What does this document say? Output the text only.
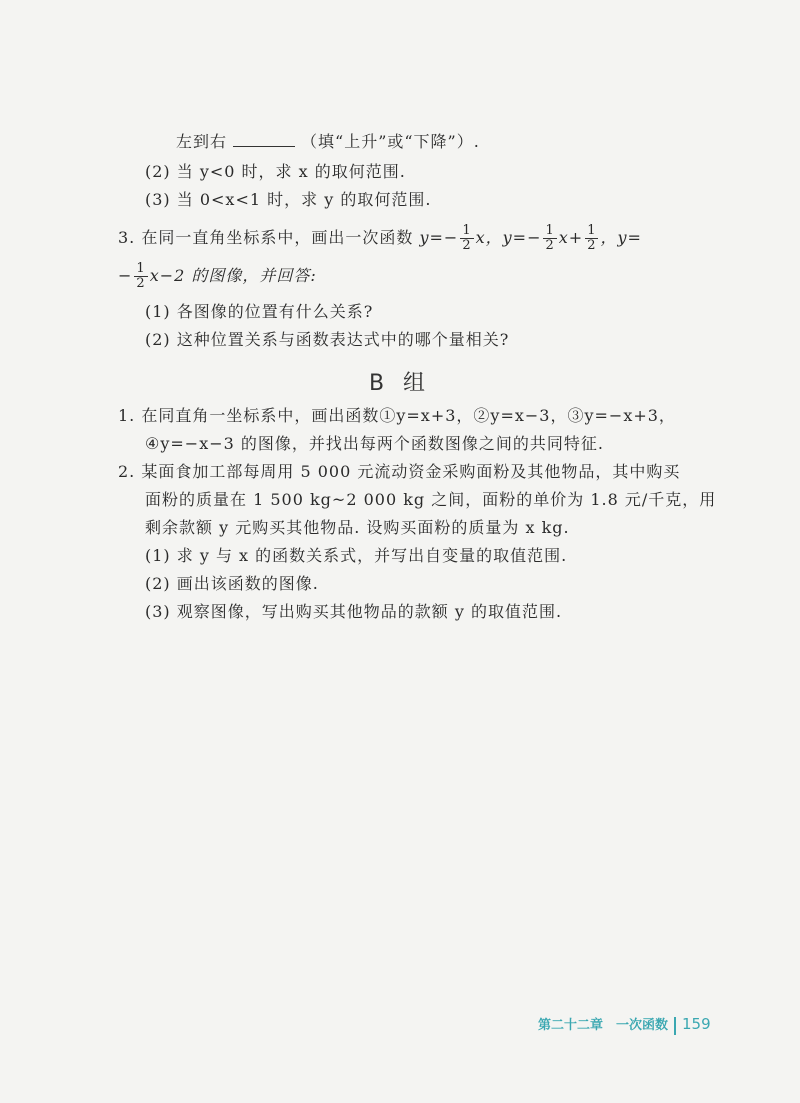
左到右	（填“上升”或“下降”）.
(2) 当 y<0 时，求 x 的取何范围.
(3) 当 0<x<1 时，求 y 的取何范围.
3. 在同一直角坐标系中，画出一次函数 $y=- \frac{1}{2}$ x，$y=- \frac{1}{2} x+ \frac{1}{2}$ ，y=
− $\frac{1}{2} x-2$ 的图像，并回答:
(1) 各图像的位置有什么关系?
(2) 这种位置关系与函数表达式中的哪个量相关?
B 组
1. 在同直角一坐标系中，画出函数①y=x+3，②y=x−3，③y=−x+3，
④y=−x−3 的图像，并找出每两个函数图像之间的共同特征.
2. 某面食加工部每周用 5 000 元流动资金采购面粉及其他物品，其中购买
面粉的质量在 1 500 kg~2 000 kg 之间，面粉的单价为 1.8 元/千克，用
剩余款额 y 元购买其他物品. 设购买面粉的质量为 x kg.
(1) 求 y 与 x 的函数关系式，并写出自变量的取值范围.
(2) 画出该函数的图像.
(3) 观察图像，写出购买其他物品的款额 y 的取值范围.
第二十二章　一次函数 159
